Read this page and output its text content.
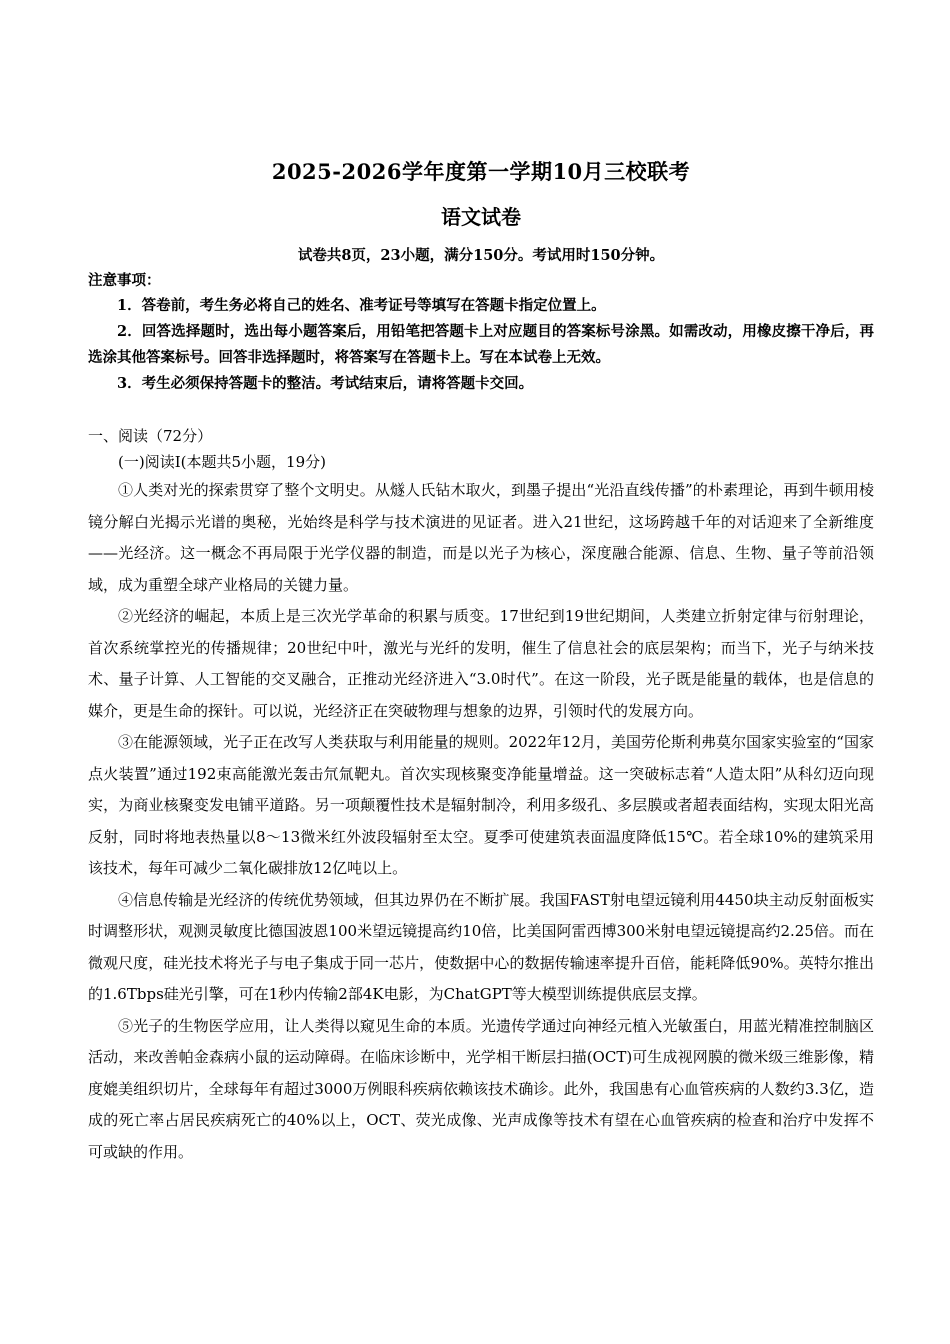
2025-2026学年度第一学期10月三校联考
语文试卷
试卷共8页，23小题，满分150分。考试用时150分钟。
注意事项：
1．答卷前，考生务必将自己的姓名、准考证号等填写在答题卡指定位置上。
2．回答选择题时，选出每小题答案后，用铅笔把答题卡上对应题目的答案标号涂黑。如需改动，用橡皮擦干净后，再选涂其他答案标号。回答非选择题时，将答案写在答题卡上。写在本试卷上无效。
3．考生必须保持答题卡的整洁。考试结束后，请将答题卡交回。
一、阅读（72分）
(一)阅读Ⅰ(本题共5小题，19分)

①人类对光的探索贯穿了整个文明史。从燧人氏钻木取火，到墨子提出“光沿直线传播”的朴素理论，再到牛顿用棱镜分解白光揭示光谱的奥秘，光始终是科学与技术演进的见证者。进入21世纪，这场跨越千年的对话迎来了全新维度——光经济。这一概念不再局限于光学仪器的制造，而是以光子为核心，深度融合能源、信息、生物、量子等前沿领域，成为重塑全球产业格局的关键力量。

②光经济的崛起，本质上是三次光学革命的积累与质变。17世纪到19世纪期间，人类建立折射定律与衍射理论，首次系统掌控光的传播规律；20世纪中叶，激光与光纤的发明，催生了信息社会的底层架构；而当下，光子与纳米技术、量子计算、人工智能的交叉融合，正推动光经济进入“3.0时代”。在这一阶段，光子既是能量的载体，也是信息的媒介，更是生命的探针。可以说，光经济正在突破物理与想象的边界，引领时代的发展方向。

③在能源领域，光子正在改写人类获取与利用能量的规则。2022年12月，美国劳伦斯利弗莫尔国家实验室的“国家点火装置”通过192束高能激光轰击氘氚靶丸。首次实现核聚变净能量增益。这一突破标志着“人造太阳”从科幻迈向现实，为商业核聚变发电铺平道路。另一项颠覆性技术是辐射制冷，利用多级孔、多层膜或者超表面结构，实现太阳光高反射，同时将地表热量以8～13微米红外波段辐射至太空。夏季可使建筑表面温度降低15℃。若全球10%的建筑采用该技术，每年可减少二氧化碳排放12亿吨以上。

④信息传输是光经济的传统优势领域，但其边界仍在不断扩展。我国FAST射电望远镜利用4450块主动反射面板实时调整形状，观测灵敏度比德国波恩100米望远镜提高约10倍，比美国阿雷西博300米射电望远镜提高约2.25倍。而在微观尺度，硅光技术将光子与电子集成于同一芯片，使数据中心的数据传输速率提升百倍，能耗降低90%。英特尔推出的1.6Tbps硅光引擎，可在1秒内传输2部4K电影，为ChatGPT等大模型训练提供底层支撑。

⑤光子的生物医学应用，让人类得以窥见生命的本质。光遗传学通过向神经元植入光敏蛋白，用蓝光精准控制脑区活动，来改善帕金森病小鼠的运动障碍。在临床诊断中，光学相干断层扫描(OCT)可生成视网膜的微米级三维影像，精度媲美组织切片，全球每年有超过3000万例眼科疾病依赖该技术确诊。此外，我国患有心血管疾病的人数约3.3亿，造成的死亡率占居民疾病死亡的40%以上，OCT、荧光成像、光声成像等技术有望在心血管疾病的检查和治疗中发挥不可或缺的作用。
